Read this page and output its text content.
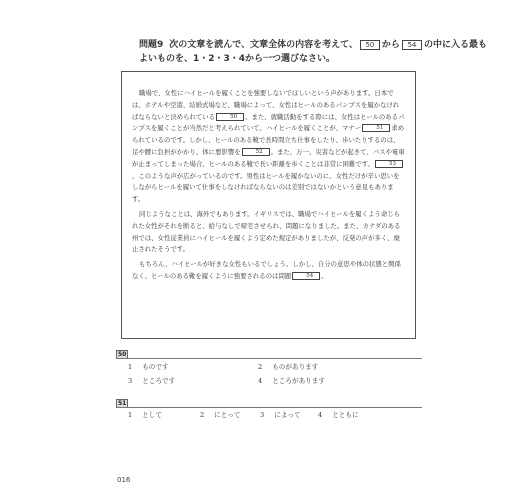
問題9 次の文章を読んで、文章全体の内容を考えて、 50 から 54 の中に入る最もよいものを、1・2・3・4から一つ選びなさい。

職場で、女性にハイヒールを履くことを強要しないでほしいという声があります。日本では、ホテルや空港、結婚式場など、職場によって、女性はヒールのあるパンプスを履かなければならないと決められている	50 。また、就職活動をする際には、女性はヒールのあるパンプスを履くことが当然だと考えられていて、ハイヒールを履くことが、マナー	51 求められているのです。しかし、ヒールのある靴で長時間立ち仕事をしたり、歩いたりするのは、足や腰に負担がかかり、体に悪影響を	52 。また、万一、災害などが起きて、バスや電車が止まってしまった場合、ヒールのある靴で長い距離を歩くことは非常に困難です。	53、このような声が広がっているのです。男性はヒールを履かないのに、女性だけが辛い思いをしながらヒールを履いて仕事をしなければならないのは差別ではないかという意見もあります。

同じようなことは、海外でもあります。イギリスでは、職場でハイヒールを履くよう命じられた女性がそれを断ると、給与なしで帰宅させられ、問題になりました。また、カナダのある州では、女性従業員にハイヒールを履くよう定めた規定がありましたが、反発の声が多く、廃止されたそうです。

もちろん、ハイヒールが好きな女性もいるでしょう。しかし、自分の意思や体の状態と関係なく、ヒールのある靴を履くように強要されるのは問題	54 。

50
1 ものです	2 ものがあります
3 ところです	4 ところがあります
51
1 として	2 にとって	3 によって	4 とともに
016
